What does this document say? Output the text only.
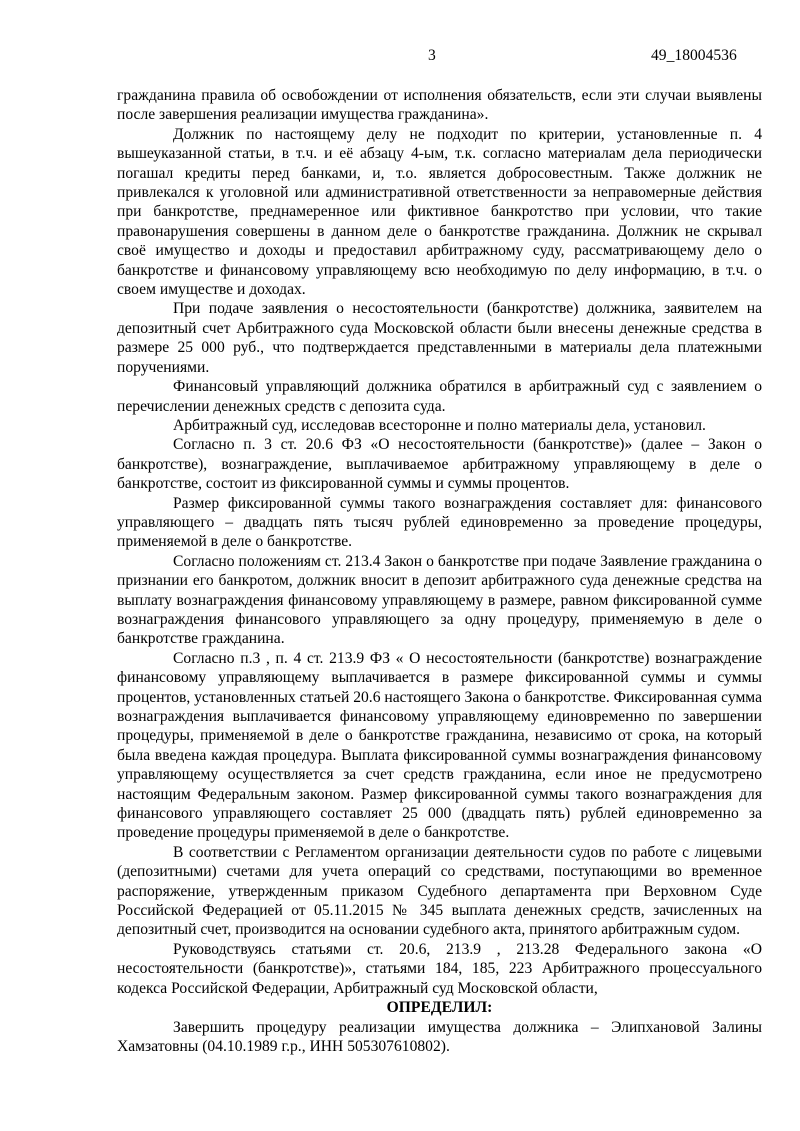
3	49_18004536

гражданина правила об освобождении от исполнения обязательств, если эти случаи выявлены после завершения реализации имущества гражданина».

Должник по настоящему делу не подходит по критерии, установленные п. 4 вышеуказанной статьи, в т.ч. и её абзацу 4-ым, т.к. согласно материалам дела периодически погашал кредиты перед банками, и, т.о. является добросовестным. Также должник не привлекался к уголовной или административной ответственности за неправомерные действия при банкротстве, преднамеренное или фиктивное банкротство при условии, что такие правонарушения совершены в данном деле о банкротстве гражданина. Должник не скрывал своё имущество и доходы и предоставил арбитражному суду, рассматривающему дело о банкротстве и финансовому управляющему всю необходимую по делу информацию, в т.ч. о своем имуществе и доходах.

При подаче заявления о несостоятельности (банкротстве) должника, заявителем на депозитный счет Арбитражного суда Московской области были внесены денежные средства в размере 25 000 руб., что подтверждается представленными в материалы дела платежными поручениями.

Финансовый управляющий должника обратился в арбитражный суд с заявлением о перечислении денежных средств с депозита суда.

Арбитражный суд, исследовав всесторонне и полно материалы дела, установил.

Согласно п. 3 ст. 20.6 ФЗ «О несостоятельности (банкротстве)» (далее – Закон о банкротстве), вознаграждение, выплачиваемое арбитражному управляющему в деле о банкротстве, состоит из фиксированной суммы и суммы процентов.

Размер фиксированной суммы такого вознаграждения составляет для: финансового управляющего – двадцать пять тысяч рублей единовременно за проведение процедуры, применяемой в деле о банкротстве.

Согласно положениям ст. 213.4 Закон о банкротстве при подаче Заявление гражданина о признании его банкротом, должник вносит в депозит арбитражного суда денежные средства на выплату вознаграждения финансовому управляющему в размере, равном фиксированной сумме вознаграждения финансового управляющего за одну процедуру, применяемую в деле о банкротстве гражданина.

Согласно п.3 , п. 4 ст. 213.9 ФЗ « О несостоятельности (банкротстве) вознаграждение финансовому управляющему выплачивается в размере фиксированной суммы и суммы процентов, установленных статьей 20.6 настоящего Закона о банкротстве. Фиксированная сумма вознаграждения выплачивается финансовому управляющему единовременно по завершении процедуры, применяемой в деле о банкротстве гражданина, независимо от срока, на который была введена каждая процедура. Выплата фиксированной суммы вознаграждения финансовому управляющему осуществляется за счет средств гражданина, если иное не предусмотрено настоящим Федеральным законом. Размер фиксированной суммы такого вознаграждения для финансового управляющего составляет 25 000 (двадцать пять) рублей единовременно за проведение процедуры применяемой в деле о банкротстве.

В соответствии с Регламентом организации деятельности судов по работе с лицевыми (депозитными) счетами для учета операций со средствами, поступающими во временное распоряжение, утвержденным приказом Судебного департамента при Верховном Суде Российской Федерацией от 05.11.2015 № 345 выплата денежных средств, зачисленных на депозитный счет, производится на основании судебного акта, принятого арбитражным судом.

Руководствуясь статьями ст. 20.6, 213.9 , 213.28 Федерального закона «О несостоятельности (банкротстве)», статьями 184, 185, 223 Арбитражного процессуального кодекса Российской Федерации, Арбитражный суд Московской области,

ОПРЕДЕЛИЛ:

Завершить процедуру реализации имущества должника – Элипхановой Залины Хамзатовны (04.10.1989 г.р., ИНН 505307610802).
